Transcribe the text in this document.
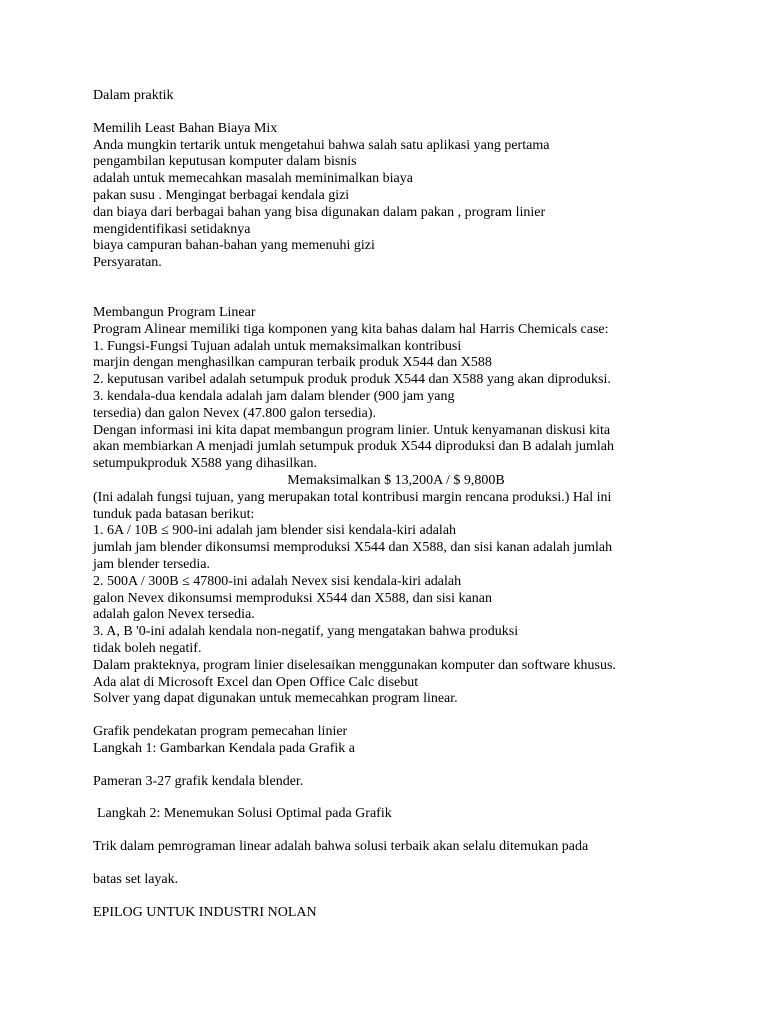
Dalam praktik
Memilih Least Bahan Biaya Mix
Anda mungkin tertarik untuk mengetahui bahwa salah satu aplikasi yang pertama
pengambilan keputusan komputer dalam bisnis
adalah untuk memecahkan masalah meminimalkan biaya
pakan susu . Mengingat berbagai kendala gizi
dan biaya dari berbagai bahan yang bisa digunakan dalam pakan , program linier
mengidentifikasi setidaknya
biaya campuran bahan-bahan yang memenuhi gizi
Persyaratan.
Membangun Program Linear
Program Alinear memiliki tiga komponen yang kita bahas dalam hal Harris Chemicals case:
1. Fungsi-Fungsi Tujuan adalah untuk memaksimalkan kontribusi
marjin dengan menghasilkan campuran terbaik produk X544 dan X588
2. keputusan varibel adalah setumpuk produk produk X544 dan X588 yang akan diproduksi.
3. kendala-dua kendala adalah jam dalam blender (900 jam yang
tersedia) dan galon Nevex (47.800 galon tersedia).
Dengan informasi ini kita dapat membangun program linier. Untuk kenyamanan diskusi kita
akan membiarkan A menjadi jumlah setumpuk produk X544 diproduksi dan B adalah jumlah
setumpukproduk X588 yang dihasilkan.
Memaksimalkan $ 13,200A / $ 9,800B
(Ini adalah fungsi tujuan, yang merupakan total kontribusi margin rencana produksi.) Hal ini
tunduk pada batasan berikut:
1. 6A / 10B ≤ 900-ini adalah jam blender sisi kendala-kiri adalah
jumlah jam blender dikonsumsi memproduksi X544 dan X588, dan sisi kanan adalah jumlah
jam blender tersedia.
2. 500A / 300B ≤ 47800-ini adalah Nevex sisi kendala-kiri adalah
galon Nevex dikonsumsi memproduksi X544 dan X588, dan sisi kanan
adalah galon Nevex tersedia.
3. A, B '0-ini adalah kendala non-negatif, yang mengatakan bahwa produksi
tidak boleh negatif.
Dalam prakteknya, program linier diselesaikan menggunakan komputer dan software khusus.
Ada alat di Microsoft Excel dan Open Office Calc disebut
Solver yang dapat digunakan untuk memecahkan program linear.
Grafik pendekatan program pemecahan linier
Langkah 1: Gambarkan Kendala pada Grafik a
Pameran 3-27 grafik kendala blender.
Langkah 2: Menemukan Solusi Optimal pada Grafik
Trik dalam pemrograman linear adalah bahwa solusi terbaik akan selalu ditemukan pada
batas set layak.
EPILOG UNTUK INDUSTRI NOLAN
